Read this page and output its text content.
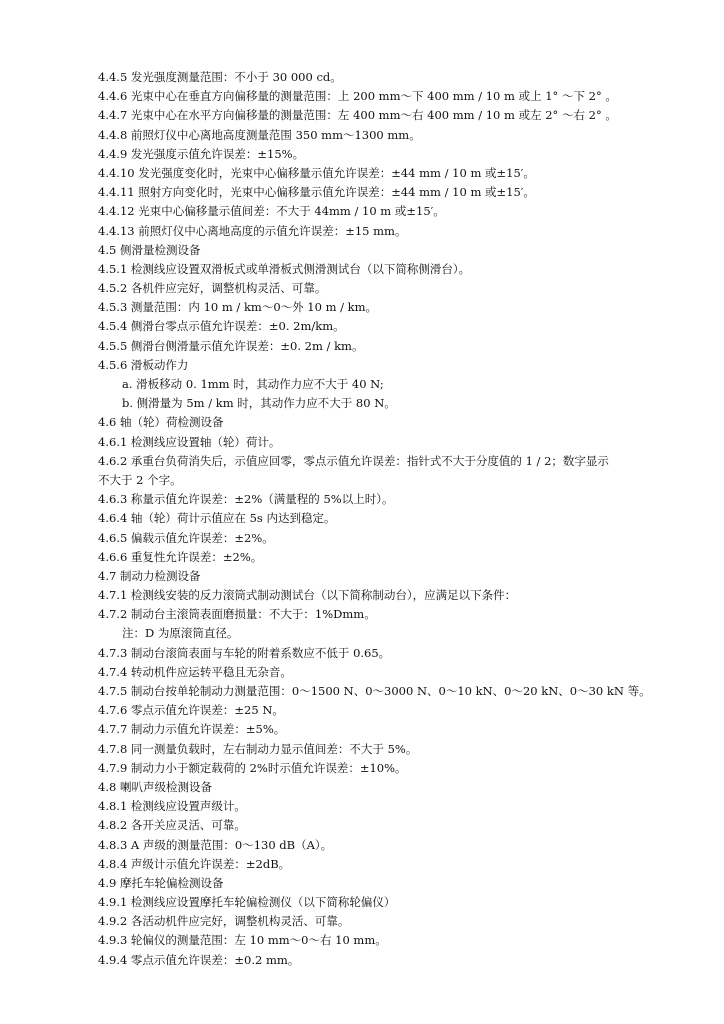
4.4.5 发光强度测量范围：不小于 30 000 cd。
4.4.6 光束中心在垂直方向偏移量的测量范围：上 200 mm～下 400 mm / 10 m 或上 1° ～下 2° 。
4.4.7 光束中心在水平方向偏移量的测量范围：左 400 mm～右 400 mm / 10 m 或左 2° ～右 2° 。
4.4.8 前照灯仪中心离地高度测量范围 350 mm～1300 mm。
4.4.9 发光强度示值允许误差：±15%。
4.4.10 发光强度变化时，光束中心偏移量示值允许误差：±44 mm / 10 m 或±15′。
4.4.11 照射方向变化时，光束中心偏移量示值允许误差：±44 mm / 10 m 或±15′。
4.4.12 光束中心偏移量示值间差：不大于 44mm / 10 m 或±15′。
4.4.13 前照灯仪中心离地高度的示值允许误差：±15 mm。
4.5 侧滑量检测设备
4.5.1 检测线应设置双滑板式或单滑板式侧滑测试台（以下简称侧滑台）。
4.5.2 各机件应完好，调整机构灵活、可靠。
4.5.3 测量范围：内 10 m / km～0～外 10 m / km。
4.5.4 侧滑台零点示值允许误差：±0. 2m/km。
4.5.5 侧滑台侧滑量示值允许误差：±0. 2m / km。
4.5.6 滑板动作力
a. 滑板移动 0. 1mm 时，其动作力应不大于 40 N;
b. 侧滑量为 5m / km 时，其动作力应不大于 80 N。
4.6 轴（轮）荷检测设备
4.6.1 检测线应设置轴（轮）荷计。
4.6.2 承重台负荷消失后，示值应回零，零点示值允许误差：指针式不大于分度值的 1 / 2；数字显示
不大于 2 个字。
4.6.3 称量示值允许误差：±2%（满量程的 5%以上时）。
4.6.4 轴（轮）荷计示值应在 5s 内达到稳定。
4.6.5 偏载示值允许误差：±2%。
4.6.6 重复性允许误差：±2%。
4.7 制动力检测设备
4.7.1 检测线安装的反力滚筒式制动测试台（以下简称制动台），应满足以下条件：
4.7.2 制动台主滚筒表面磨损量：不大于：1%Dmm。
注：D 为原滚筒直径。
4.7.3 制动台滚筒表面与车轮的附着系数应不低于 0.65。
4.7.4 转动机件应运转平稳且无杂音。
4.7.5 制动台按单轮制动力测量范围：0～1500 N、0～3000 N、0～10 kN、0～20 kN、0～30 kN 等。
4.7.6 零点示值允许误差：±25 N。
4.7.7 制动力示值允许误差：±5%。
4.7.8 同一测量负载时，左右制动力显示值间差：不大于 5%。
4.7.9 制动力小于额定载荷的 2%时示值允许误差：±10%。
4.8 喇叭声级检测设备
4.8.1 检测线应设置声级计。
4.8.2 各开关应灵活、可靠。
4.8.3 A 声级的测量范围：0～130 dB（A）。
4.8.4 声级计示值允许误差：±2dB。
4.9 摩托车轮偏检测设备
4.9.1 检测线应设置摩托车轮偏检测仪（以下简称轮偏仪）
4.9.2 各活动机件应完好，调整机构灵活、可靠。
4.9.3 轮偏仪的测量范围：左 10 mm～0～右 10 mm。
4.9.4 零点示值允许误差：±0.2 mm。
